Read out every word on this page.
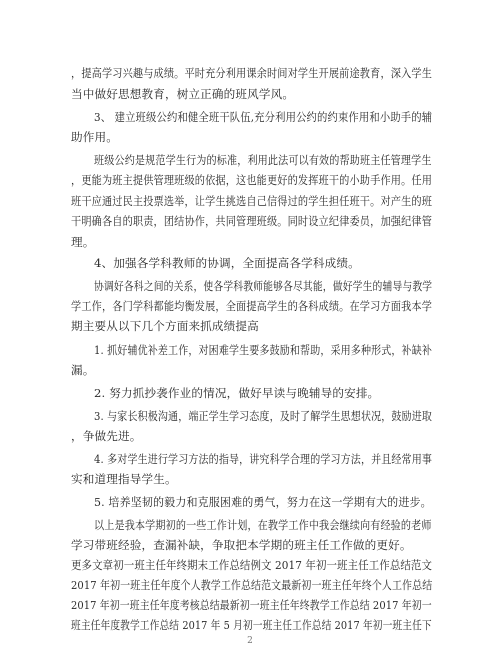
，提高学习兴趣与成绩。平时充分利用课余时间对学生开展前途教育，深入学生
当中做好思想教育，树立正确的班风学风。
3、 建立班级公约和健全班干队伍,充分利用公约的约束作用和小助手的辅
助作用。
班级公约是规范学生行为的标准，利用此法可以有效的帮助班主任管理学生
，更能为班主提供管理班级的依据，这也能更好的发挥班干的小助手作用。任用
班干应通过民主投票选举，让学生挑选自己信得过的学生担任班干。对产生的班
干明确各自的职责，团结协作，共同管理班级。同时设立纪律委员，加强纪律管
理。
4、加强各学科教师的协调，全面提高各学科成绩。
协调好各科之间的关系，使各学科教师能够各尽其能，做好学生的辅导与教学
学工作，各门学科都能均衡发展，全面提高学生的各科成绩。在学习方面我本学
期主要从以下几个方面来抓成绩提高
1. 抓好辅优补差工作，对困难学生要多鼓励和帮助，采用多种形式，补缺补
漏。
2. 努力抓抄袭作业的情况，做好早读与晚辅导的安排。
3. 与家长积极沟通，端正学生学习态度，及时了解学生思想状况，鼓励进取
，争做先进。
4. 多对学生进行学习方法的指导，讲究科学合理的学习方法，并且经常用事
实和道理指导学生。
5. 培养坚韧的毅力和克服困难的勇气，努力在这一学期有大的进步。
以上是我本学期初的一些工作计划，在教学工作中我会继续向有经验的老师
学习带班经验，查漏补缺，争取把本学期的班主任工作做的更好。
更多文章初一班主任年终期末工作总结例文 2017 年初一班主任工作总结范文
2017 年初一班主任年度个人教学工作总结范文最新初一班主任年终个人工作总结
2017 年初一班主任年度考核总结最新初一班主任年终教学工作总结 2017 年初一
班主任年度教学工作总结 2017 年 5 月初一班主任工作总结 2017 年初一班主任下
2
